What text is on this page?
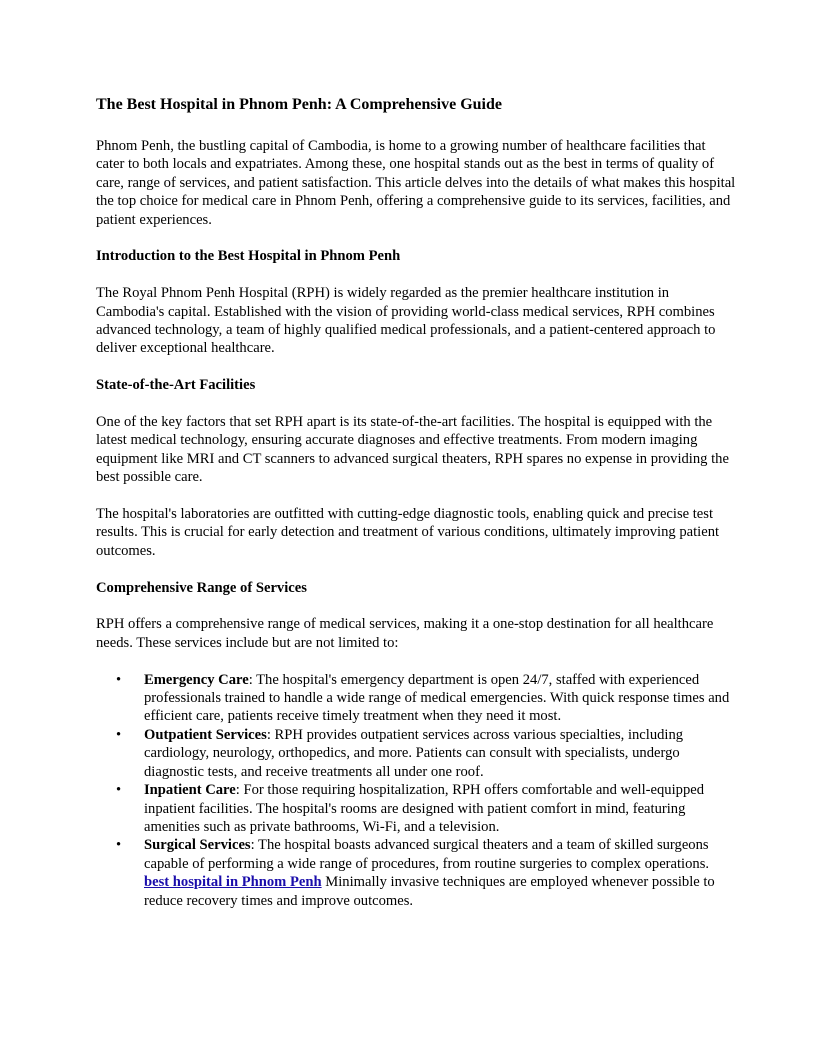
The Best Hospital in Phnom Penh: A Comprehensive Guide

Phnom Penh, the bustling capital of Cambodia, is home to a growing number of healthcare facilities that cater to both locals and expatriates. Among these, one hospital stands out as the best in terms of quality of care, range of services, and patient satisfaction. This article delves into the details of what makes this hospital the top choice for medical care in Phnom Penh, offering a comprehensive guide to its services, facilities, and patient experiences.

Introduction to the Best Hospital in Phnom Penh

The Royal Phnom Penh Hospital (RPH) is widely regarded as the premier healthcare institution in Cambodia's capital. Established with the vision of providing world-class medical services, RPH combines advanced technology, a team of highly qualified medical professionals, and a patient-centered approach to deliver exceptional healthcare.

State-of-the-Art Facilities

One of the key factors that set RPH apart is its state-of-the-art facilities. The hospital is equipped with the latest medical technology, ensuring accurate diagnoses and effective treatments. From modern imaging equipment like MRI and CT scanners to advanced surgical theaters, RPH spares no expense in providing the best possible care.

The hospital's laboratories are outfitted with cutting-edge diagnostic tools, enabling quick and precise test results. This is crucial for early detection and treatment of various conditions, ultimately improving patient outcomes.

Comprehensive Range of Services

RPH offers a comprehensive range of medical services, making it a one-stop destination for all healthcare needs. These services include but are not limited to:

• Emergency Care: The hospital's emergency department is open 24/7, staffed with experienced professionals trained to handle a wide range of medical emergencies. With quick response times and efficient care, patients receive timely treatment when they need it most.
• Outpatient Services: RPH provides outpatient services across various specialties, including cardiology, neurology, orthopedics, and more. Patients can consult with specialists, undergo diagnostic tests, and receive treatments all under one roof.
• Inpatient Care: For those requiring hospitalization, RPH offers comfortable and well-equipped inpatient facilities. The hospital's rooms are designed with patient comfort in mind, featuring amenities such as private bathrooms, Wi-Fi, and a television.
• Surgical Services: The hospital boasts advanced surgical theaters and a team of skilled surgeons capable of performing a wide range of procedures, from routine surgeries to complex operations. best hospital in Phnom Penh Minimally invasive techniques are employed whenever possible to reduce recovery times and improve outcomes.
